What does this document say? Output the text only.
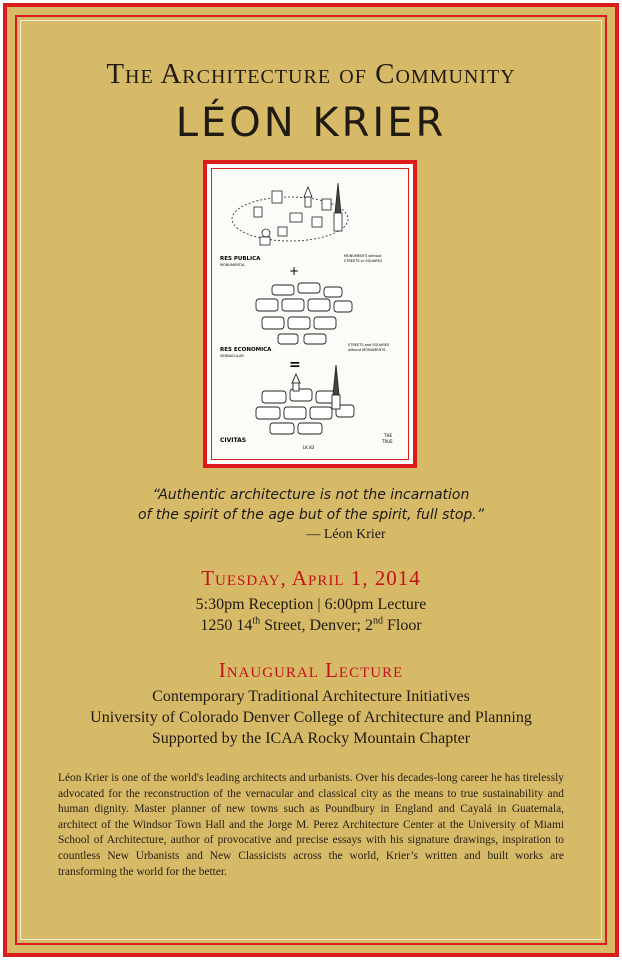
The Architecture of Community
LÉON KRIER
RES PUBLICA
MONUMENTAL
MONUMENTS without
STREETS or SQUARES
+
RES ECONOMICA
VERNACULAR
STREETS and SQUARES
without MONUMENTS
=
CIVITAS
THE
TRUE
LK 83
“Authentic architecture is not the incarnation
of the spirit of the age but of the spirit, full stop.”
— Léon Krier
Tuesday, April 1, 2014
5:30pm Reception | 6:00pm Lecture
1250 14th Street, Denver; 2nd Floor
Inaugural Lecture
Contemporary Traditional Architecture Initiatives
University of Colorado Denver College of Architecture and Planning
Supported by the ICAA Rocky Mountain Chapter
Léon Krier is one of the world's leading architects and urbanists. Over his decades-long career he has tirelessly advocated for the reconstruction of the vernacular and classical city as the means to true sustainability and human dignity. Master planner of new towns such as Poundbury in England and Cayalá in Guatemala, architect of the Windsor Town Hall and the Jorge M. Perez Architecture Center at the University of Miami School of Architecture, author of provocative and precise essays with his signature drawings, inspiration to countless New Urbanists and New Classicists across the world, Krier’s written and built works are transforming the world for the better.
